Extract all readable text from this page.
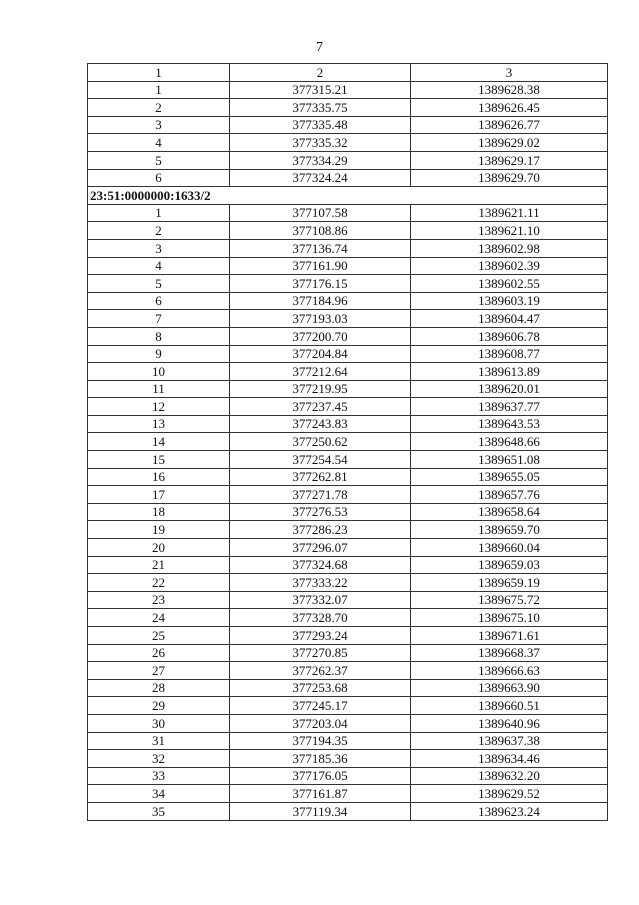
7
1	2	3
1	377315.21	1389628.38
2	377335.75	1389626.45
3	377335.48	1389626.77
4	377335.32	1389629.02
5	377334.29	1389629.17
6	377324.24	1389629.70
23:51:0000000:1633/2		
1	377107.58	1389621.11
2	377108.86	1389621.10
3	377136.74	1389602.98
4	377161.90	1389602.39
5	377176.15	1389602.55
6	377184.96	1389603.19
7	377193.03	1389604.47
8	377200.70	1389606.78
9	377204.84	1389608.77
10	377212.64	1389613.89
11	377219.95	1389620.01
12	377237.45	1389637.77
13	377243.83	1389643.53
14	377250.62	1389648.66
15	377254.54	1389651.08
16	377262.81	1389655.05
17	377271.78	1389657.76
18	377276.53	1389658.64
19	377286.23	1389659.70
20	377296.07	1389660.04
21	377324.68	1389659.03
22	377333.22	1389659.19
23	377332.07	1389675.72
24	377328.70	1389675.10
25	377293.24	1389671.61
26	377270.85	1389668.37
27	377262.37	1389666.63
28	377253.68	1389663.90
29	377245.17	1389660.51
30	377203.04	1389640.96
31	377194.35	1389637.38
32	377185.36	1389634.46
33	377176.05	1389632.20
34	377161.87	1389629.52
35	377119.34	1389623.24
